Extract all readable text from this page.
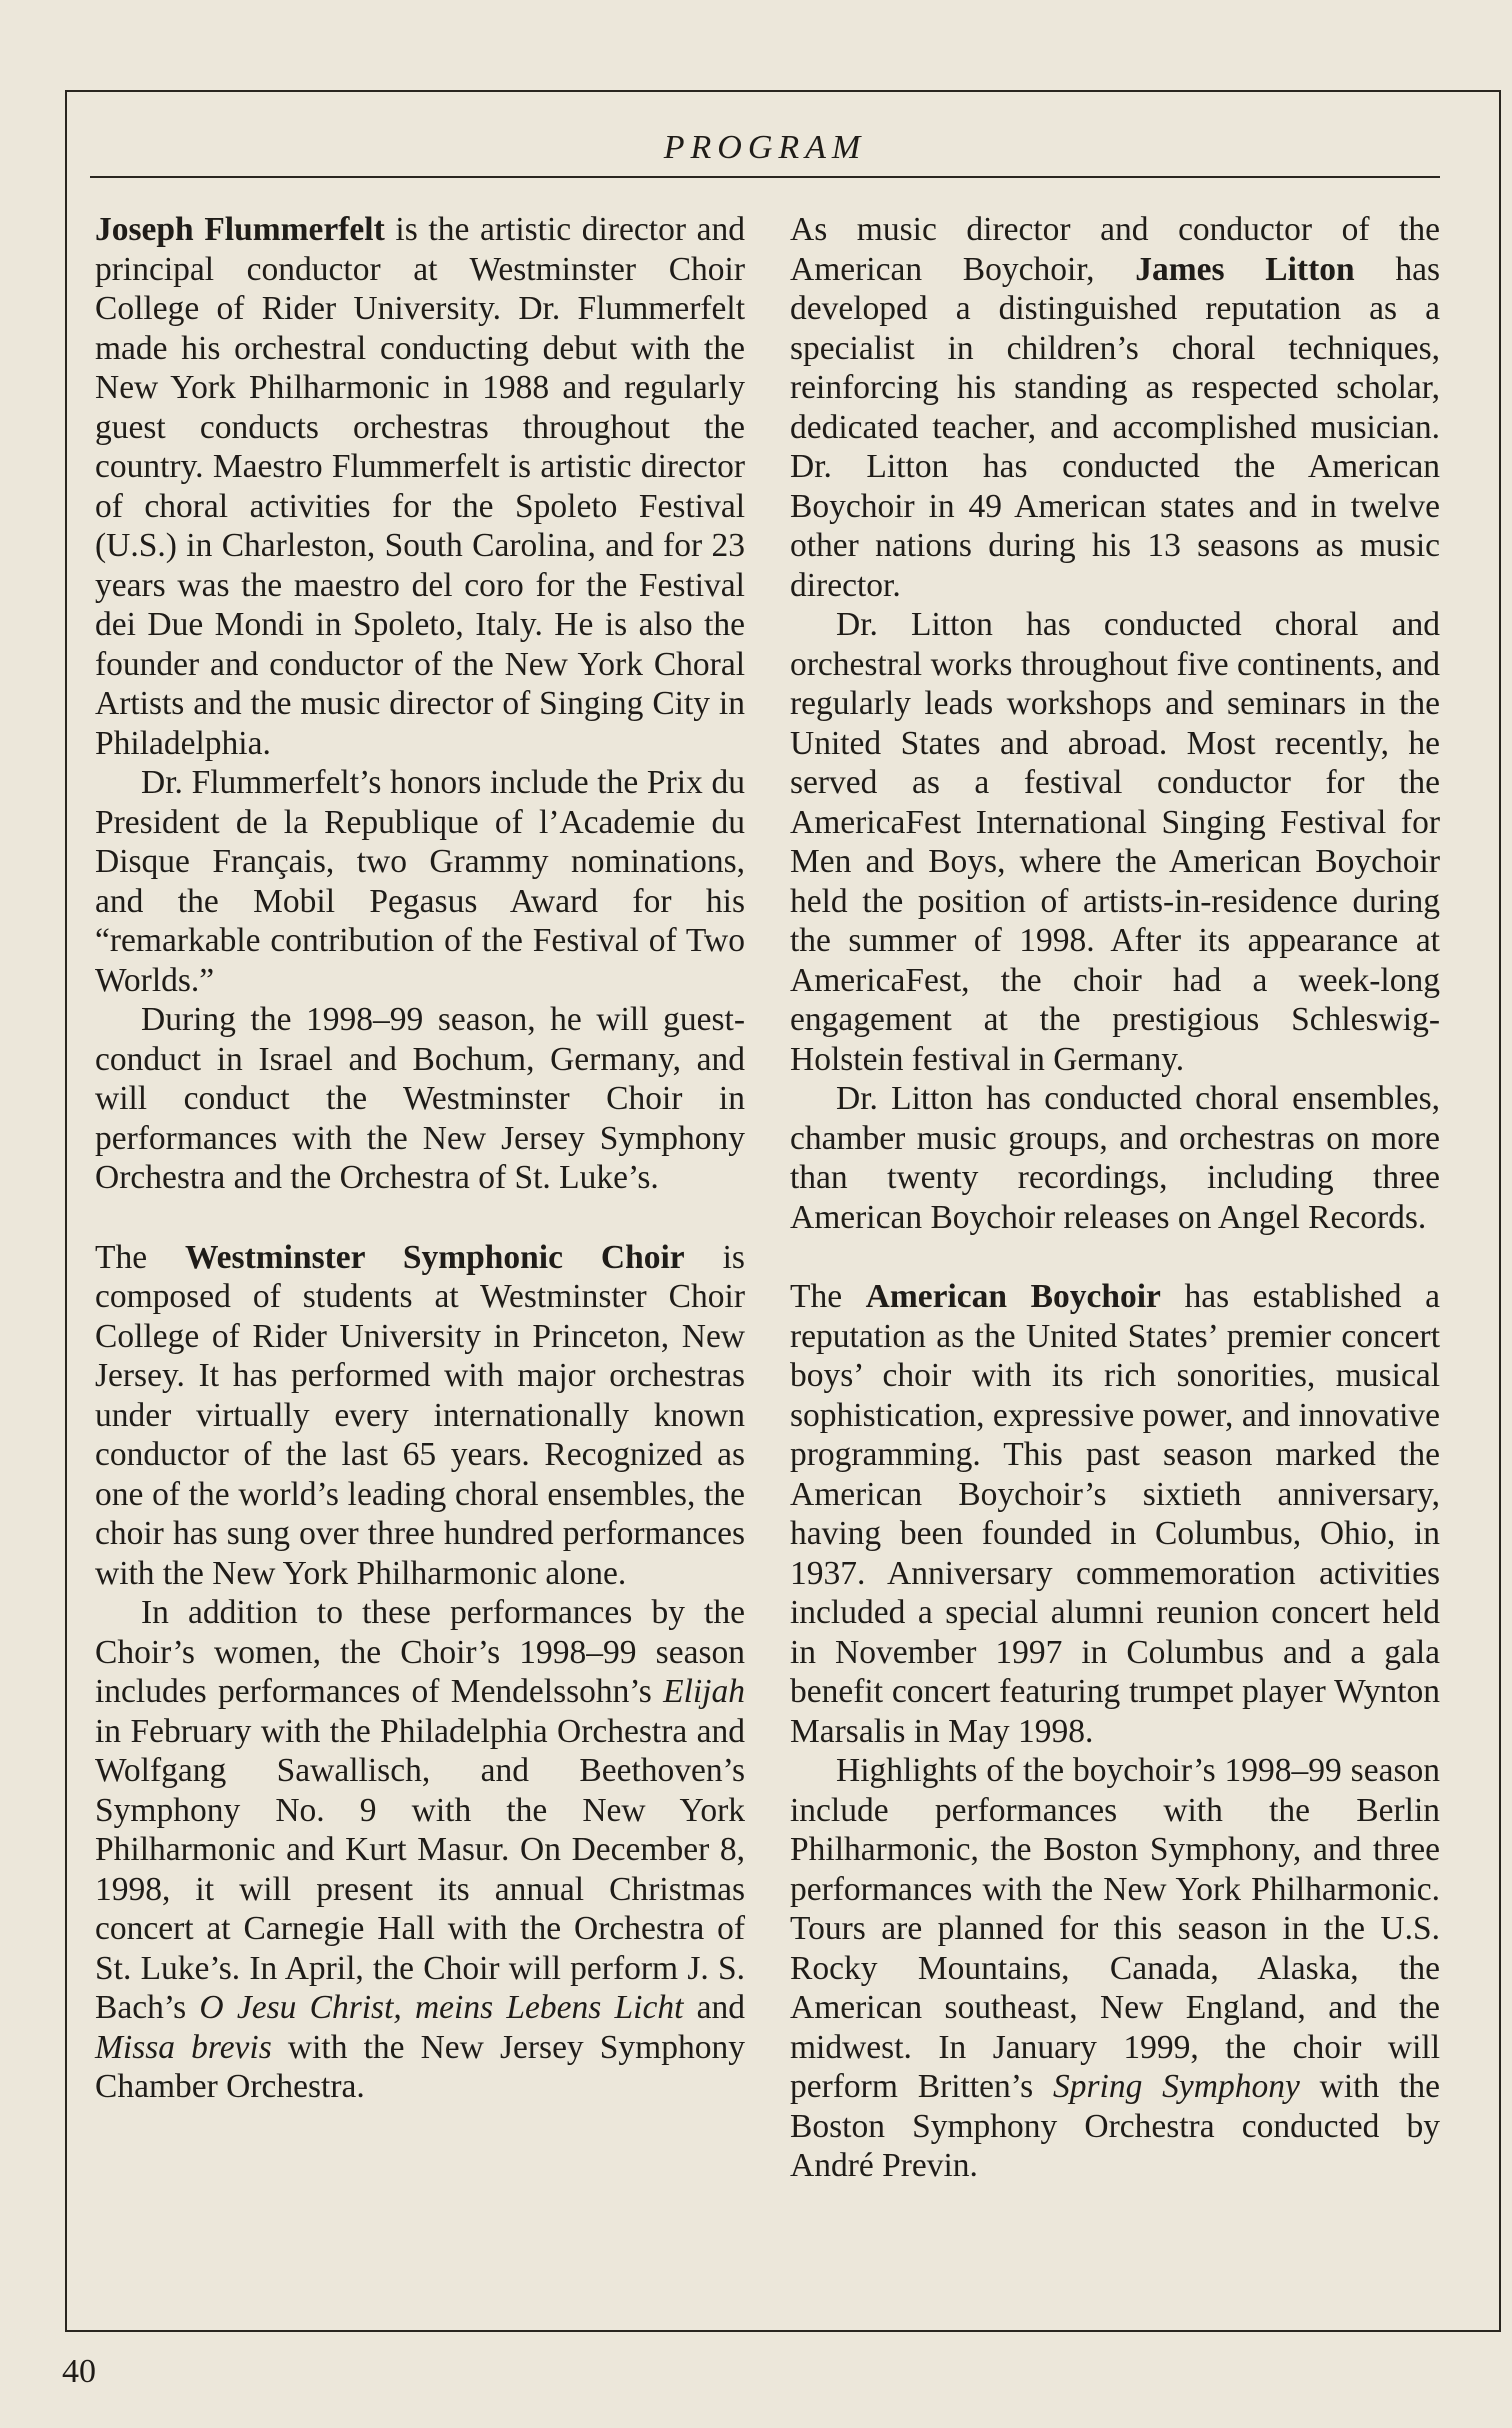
PROGRAM

Joseph Flummerfelt is the artistic director and principal conductor at Westminster Choir College of Rider University. Dr. Flummerfelt made his orchestral conducting debut with the New York Philharmonic in 1988 and regularly guest conducts orchestras throughout the country. Maestro Flummerfelt is artistic director of choral activities for the Spoleto Festival (U.S.) in Charleston, South Carolina, and for 23 years was the maestro del coro for the Festival dei Due Mondi in Spoleto, Italy. He is also the founder and conductor of the New York Choral Artists and the music director of Singing City in Philadelphia.

Dr. Flummerfelt’s honors include the Prix du President de la Republique of l’Academie du Disque Français, two Grammy nominations, and the Mobil Pegasus Award for his “remarkable contribution of the Festival of Two Worlds.”

During the 1998–99 season, he will guest-conduct in Israel and Bochum, Germany, and will conduct the Westminster Choir in performances with the New Jersey Symphony Orchestra and the Orchestra of St. Luke’s.

The Westminster Symphonic Choir is composed of students at Westminster Choir College of Rider University in Princeton, New Jersey. It has performed with major orchestras under virtually every internationally known conductor of the last 65 years. Recognized as one of the world’s leading choral ensembles, the choir has sung over three hundred performances with the New York Philharmonic alone.

In addition to these performances by the Choir’s women, the Choir’s 1998–99 season includes performances of Mendelssohn’s Elijah in February with the Philadelphia Orchestra and Wolfgang Sawallisch, and Beethoven’s Symphony No. 9 with the New York Philharmonic and Kurt Masur. On December 8, 1998, it will present its annual Christmas concert at Carnegie Hall with the Orchestra of St. Luke’s. In April, the Choir will perform J. S. Bach’s O Jesu Christ, meins Lebens Licht and Missa brevis with the New Jersey Symphony Chamber Orchestra.

As music director and conductor of the American Boychoir, James Litton has developed a distinguished reputation as a specialist in children’s choral techniques, reinforcing his standing as respected scholar, dedicated teacher, and accomplished musician. Dr. Litton has conducted the American Boychoir in 49 American states and in twelve other nations during his 13 seasons as music director.

Dr. Litton has conducted choral and orchestral works throughout five continents, and regularly leads workshops and seminars in the United States and abroad. Most recently, he served as a festival conductor for the AmericaFest International Singing Festival for Men and Boys, where the American Boychoir held the position of artists-in-residence during the summer of 1998. After its appearance at AmericaFest, the choir had a week-long engagement at the prestigious Schleswig-Holstein festival in Germany.

Dr. Litton has conducted choral ensembles, chamber music groups, and orchestras on more than twenty recordings, including three American Boychoir releases on Angel Records.

The American Boychoir has established a reputation as the United States’ premier concert boys’ choir with its rich sonorities, musical sophistication, expressive power, and innovative programming. This past season marked the American Boychoir’s sixtieth anniversary, having been founded in Columbus, Ohio, in 1937. Anniversary commemoration activities included a special alumni reunion concert held in November 1997 in Columbus and a gala benefit concert featuring trumpet player Wynton Marsalis in May 1998.

Highlights of the boychoir’s 1998–99 season include performances with the Berlin Philharmonic, the Boston Symphony, and three performances with the New York Philharmonic. Tours are planned for this season in the U.S. Rocky Mountains, Canada, Alaska, the American southeast, New England, and the midwest. In January 1999, the choir will perform Britten’s Spring Symphony with the Boston Symphony Orchestra conducted by André Previn.

40
